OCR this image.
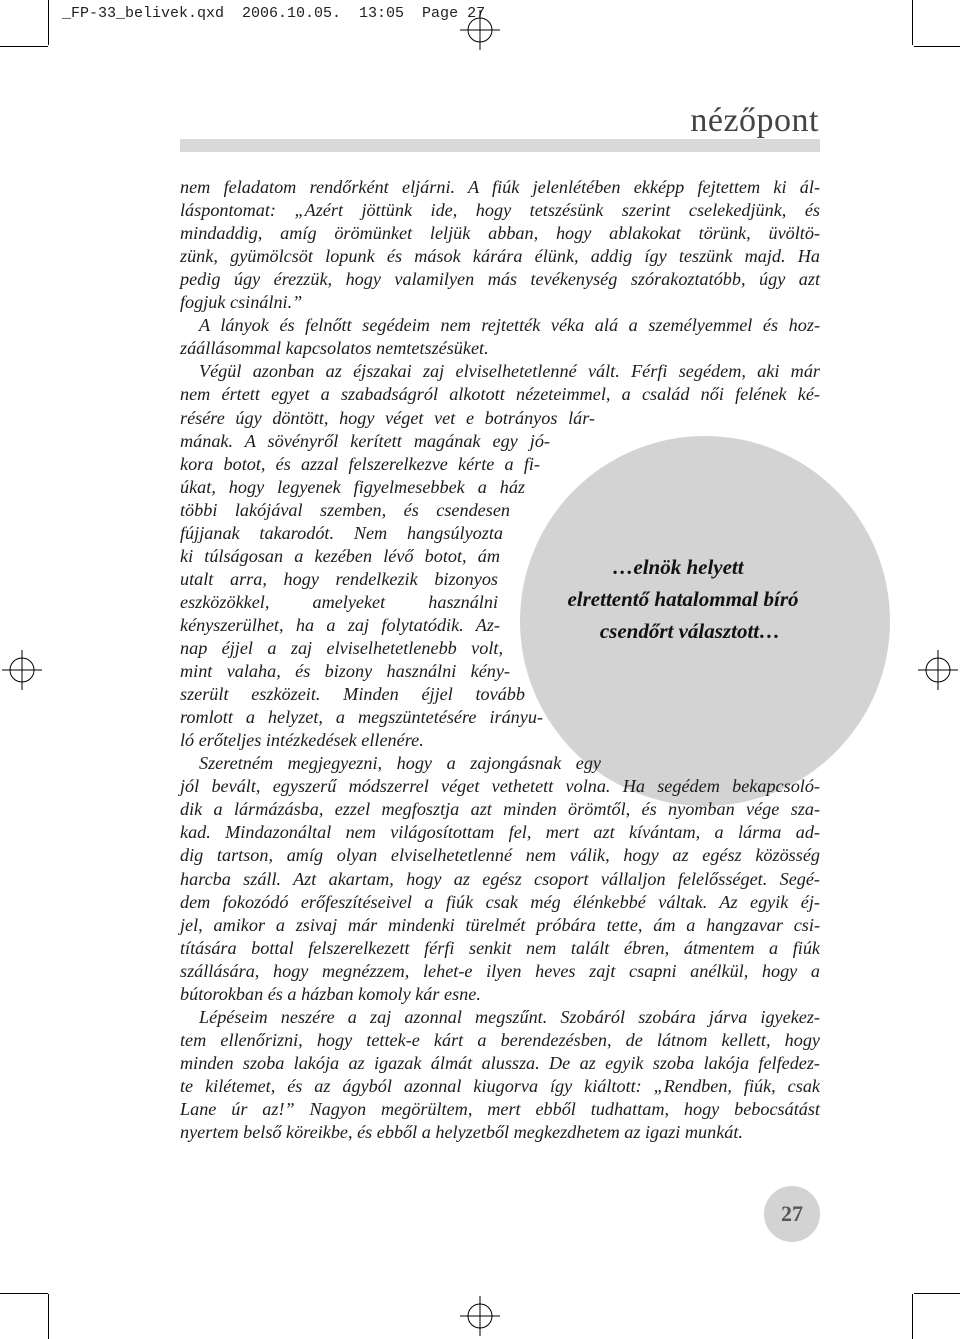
_FP-33_belivek.qxd  2006.10.05.  13:05  Page 27
nézőpont
…elnök helyett
elrettentő hatalommal bíró
csendőrt választott…
nem feladatom rendőrként eljárni. A fiúk jelenlétében ekképp fejtettem ki ál-
láspontomat: „Azért jöttünk ide, hogy tetszésünk szerint cselekedjünk, és
mindaddig, amíg örömünket leljük abban, hogy ablakokat törünk, üvöltö-
zünk, gyümölcsöt lopunk és mások kárára élünk, addig így teszünk majd. Ha
pedig úgy érezzük, hogy valamilyen más tevékenység szórakoztatóbb, úgy azt
fogjuk csinálni.”
A lányok és felnőtt segédeim nem rejtették véka alá a személyemmel és hoz-
záállásommal kapcsolatos nemtetszésüket.
Végül azonban az éjszakai zaj elviselhetetlenné vált. Férfi segédem, aki már
nem értett egyet a szabadságról alkotott nézeteimmel, a család női felének ké-
résére úgy döntött, hogy véget vet e botrányos lár-
mának. A sövényről kerített magának egy jó-
kora botot, és azzal felszerelkezve kérte a fi-
úkat, hogy legyenek figyelmesebbek a ház
többi lakójával szemben, és csendesen
fújjanak takarodót. Nem hangsúlyozta
ki túlságosan a kezében lévő botot, ám
utalt arra, hogy rendelkezik bizonyos
eszközökkel, amelyeket használni
kényszerülhet, ha a zaj folytatódik. Az-
nap éjjel a zaj elviselhetetlenebb volt,
mint valaha, és bizony használni kény-
szerült eszközeit. Minden éjjel tovább
romlott a helyzet, a megszüntetésére irányu-
ló erőteljes intézkedések ellenére.
Szeretném megjegyezni, hogy a zajongásnak egy
jól bevált, egyszerű módszerrel véget vethetett volna. Ha segédem bekapcsoló-
dik a lármázásba, ezzel megfosztja azt minden örömtől, és nyomban vége sza-
kad. Mindazonáltal nem világosítottam fel, mert azt kívántam, a lárma ad-
dig tartson, amíg olyan elviselhetetlenné nem válik, hogy az egész közösség
harcba száll. Azt akartam, hogy az egész csoport vállaljon felelősséget. Segé-
dem fokozódó erőfeszítéseivel a fiúk csak még élénkebbé váltak. Az egyik éj-
jel, amikor a zsivaj már mindenki türelmét próbára tette, ám a hangzavar csi-
títására bottal felszerelkezett férfi senkit nem talált ébren, átmentem a fiúk
szállására, hogy megnézzem, lehet-e ilyen heves zajt csapni anélkül, hogy a
bútorokban és a házban komoly kár esne.
Lépéseim neszére a zaj azonnal megszűnt. Szobáról szobára járva igyekez-
tem ellenőrizni, hogy tettek-e kárt a berendezésben, de látnom kellett, hogy
minden szoba lakója az igazak álmát alussza. De az egyik szoba lakója felfedez-
te kilétemet, és az ágyból azonnal kiugorva így kiáltott: „Rendben, fiúk, csak
Lane úr az!” Nagyon megörültem, mert ebből tudhattam, hogy bebocsátást
nyertem belső köreikbe, és ebből a helyzetből megkezdhetem az igazi munkát.
27
